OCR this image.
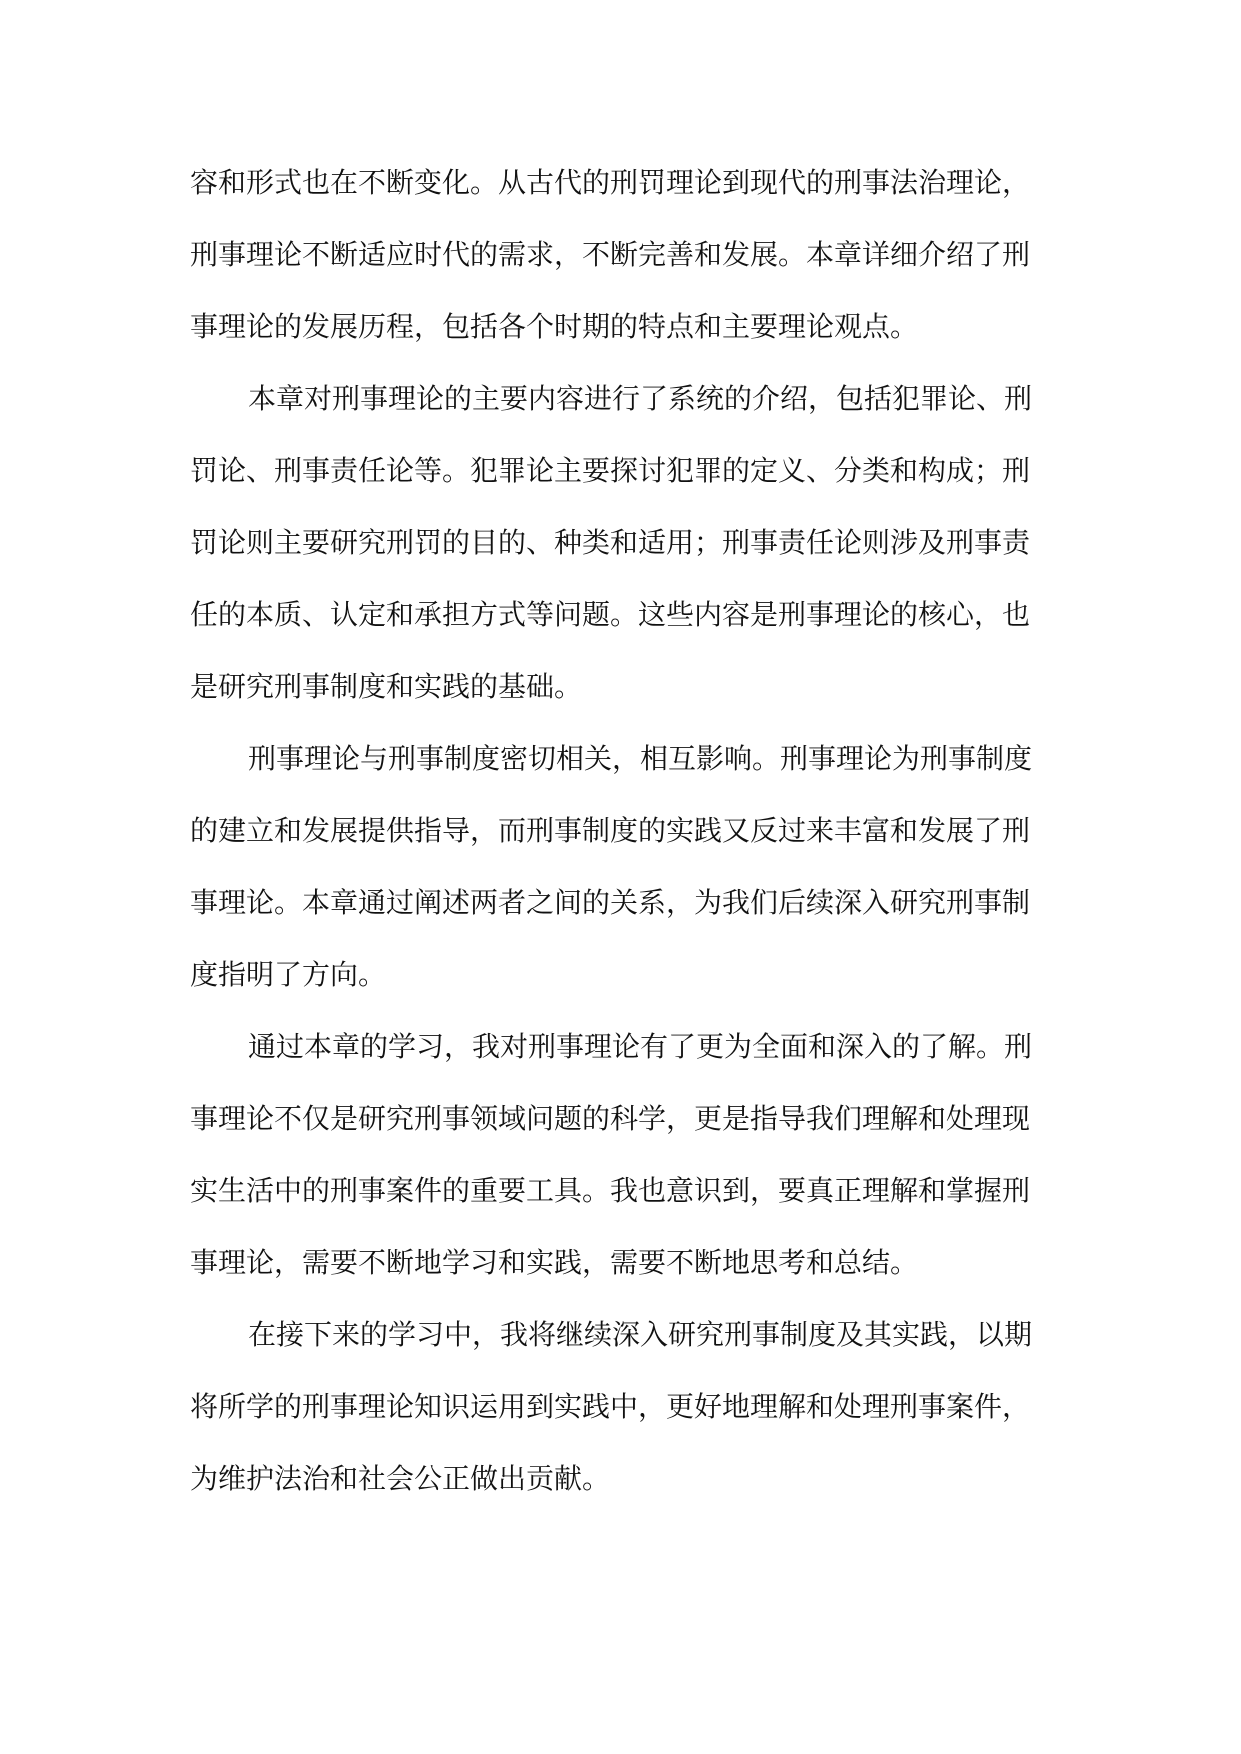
容和形式也在不断变化。从古代的刑罚理论到现代的刑事法治理论，
刑事理论不断适应时代的需求，不断完善和发展。本章详细介绍了刑
事理论的发展历程，包括各个时期的特点和主要理论观点。
本章对刑事理论的主要内容进行了系统的介绍，包括犯罪论、刑
罚论、刑事责任论等。犯罪论主要探讨犯罪的定义、分类和构成；刑
罚论则主要研究刑罚的目的、种类和适用；刑事责任论则涉及刑事责
任的本质、认定和承担方式等问题。这些内容是刑事理论的核心，也
是研究刑事制度和实践的基础。
刑事理论与刑事制度密切相关，相互影响。刑事理论为刑事制度
的建立和发展提供指导，而刑事制度的实践又反过来丰富和发展了刑
事理论。本章通过阐述两者之间的关系，为我们后续深入研究刑事制
度指明了方向。
通过本章的学习，我对刑事理论有了更为全面和深入的了解。刑
事理论不仅是研究刑事领域问题的科学，更是指导我们理解和处理现
实生活中的刑事案件的重要工具。我也意识到，要真正理解和掌握刑
事理论，需要不断地学习和实践，需要不断地思考和总结。
在接下来的学习中，我将继续深入研究刑事制度及其实践，以期
将所学的刑事理论知识运用到实践中，更好地理解和处理刑事案件，
为维护法治和社会公正做出贡献。
